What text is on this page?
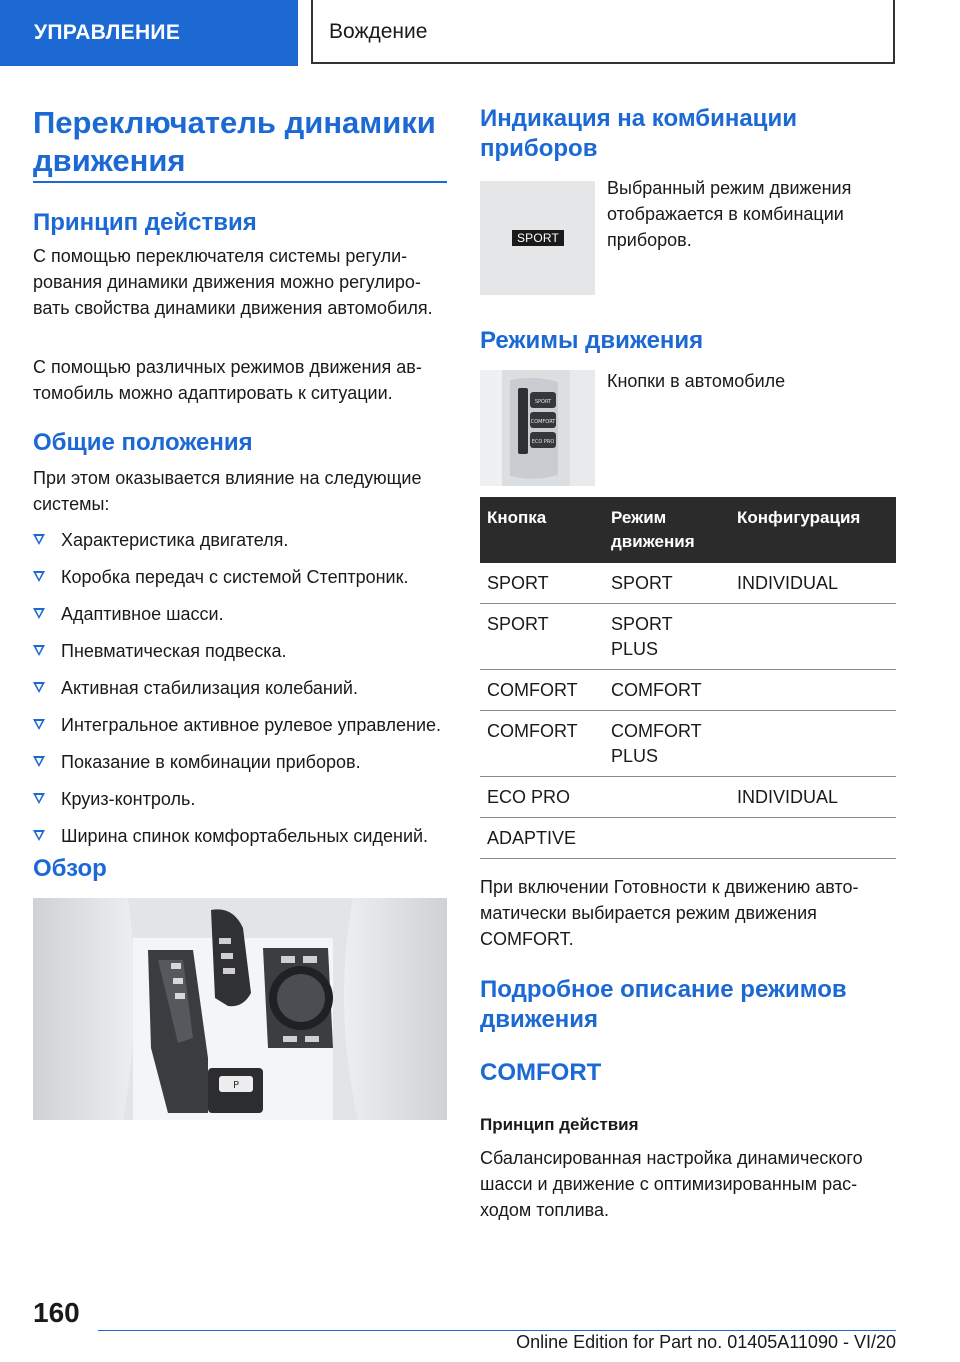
УПРАВЛЕНИЕ	Вождение
Переключатель динамики движения
Принцип действия

С помощью переключателя системы регулирования динамики движения можно регулировать свойства динамики движения автомобиля.

С помощью различных режимов движения автомобиль можно адаптировать к ситуации.

Общие положения

При этом оказывается влияние на следующие системы:

Характеристика двигателя.
Коробка передач с системой Стептроник.
Адаптивное шасси.
Пневматическая подвеска.
Активная стабилизация колебаний.
Интегральное активное рулевое управление.
Показание в комбинации приборов.
Круиз-контроль.
Ширина спинок комфортабельных сидений.
Обзор
P
Индикация на комбинации приборов
SPORT

Выбранный режим движения отображается в комбинации приборов.

Режимы движения
SPORT
COMFORT
ECO PRO

Кнопки в автомобиле

Кнопка	Режим движения	Конфигурация
SPORT	SPORT	INDIVIDUAL
SPORT	SPORT PLUS	
COMFORT	COMFORT	
COMFORT	COMFORT PLUS	
ECO PRO		INDIVIDUAL
ADAPTIVE		

При включении Готовности к движению автоматически выбирается режим движения COMFORT.

Подробное описание режимов движения
COMFORT
Принцип действия

Сбалансированная настройка динамического шасси и движение с оптимизированным расходом топлива.

160
Online Edition for Part no. 01405A11090 - VI/20
